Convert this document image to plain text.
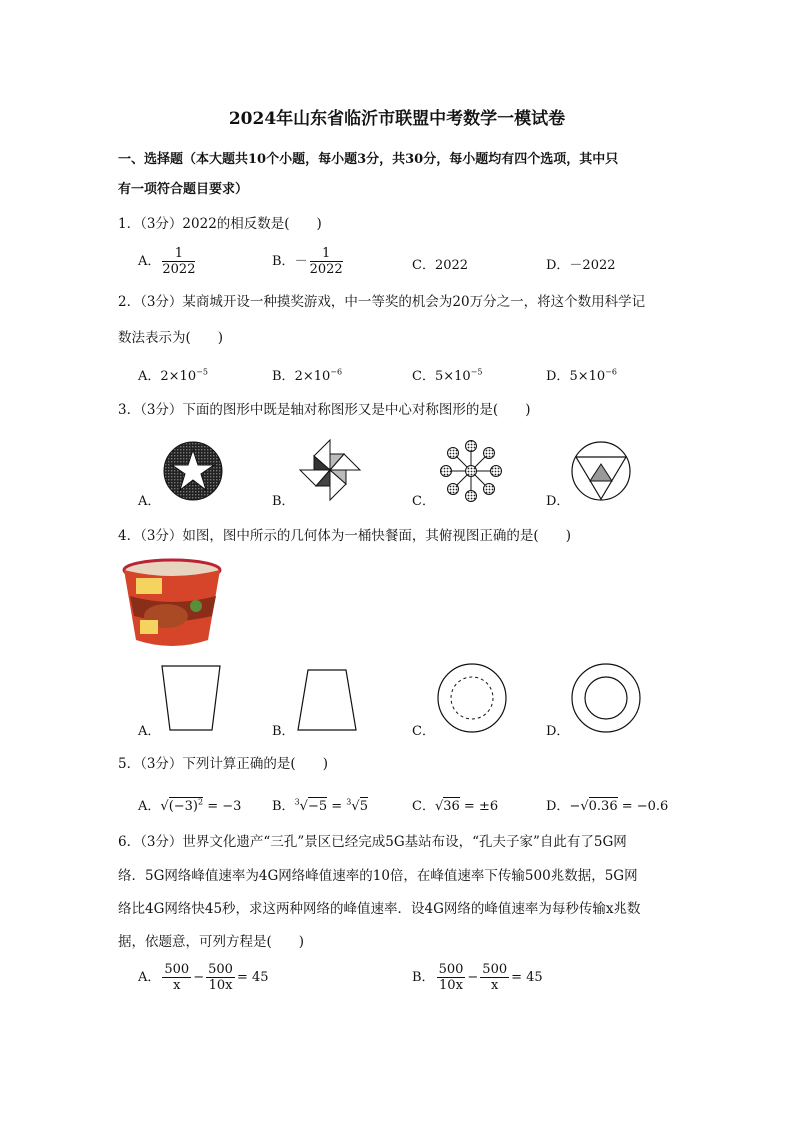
2024年山东省临沂市联盟中考数学一模试卷
一、选择题（本大题共10个小题，每小题3分，共30分，每小题均有四个选项，其中只
有一项符合题目要求）
1．（3分）2022的相反数是(　　)
A． $\frac{1}{2022}$	B．－ $\frac{1}{2022}$	C．2022	D．－2022
2．（3分）某商城开设一种摸奖游戏，中一等奖的机会为20万分之一，将这个数用科学记
数法表示为(　　)
A．$2\times 10^{-5}$	B．$2\times 10^{-6}$	C．$5\times 10^{-5}$	D．$5\times 10^{-6}$
3．（3分）下面的图形中既是轴对称图形又是中心对称图形的是(　　)
A．	B．	C．	D．
4．（3分）如图，图中所示的几何体为一桶快餐面，其俯视图正确的是(　　)
A．	B．	C．	D．
5．（3分）下列计算正确的是(　　)
A．$√(-3)^2 = -3$ B．$^3$√−5 = $^3$√5	C．√36 = ±6	D．−√0.36 = −0.6
6．（3分）世界文化遗产“三孔”景区已经完成5G基站布设，“孔夫子家”自此有了5G网
络．5G网络峰值速率为4G网络峰值速率的10倍，在峰值速率下传输500兆数据，5G网
络比4G网络快45秒，求这两种网络的峰值速率．设4G网络的峰值速率为每秒传输x兆数
据，依题意，可列方程是(　　)
A． $\frac{500}{x} - \frac{500}{10x} = 45$	B． $\frac{500}{10x} - \frac{500}{x} = 45$
